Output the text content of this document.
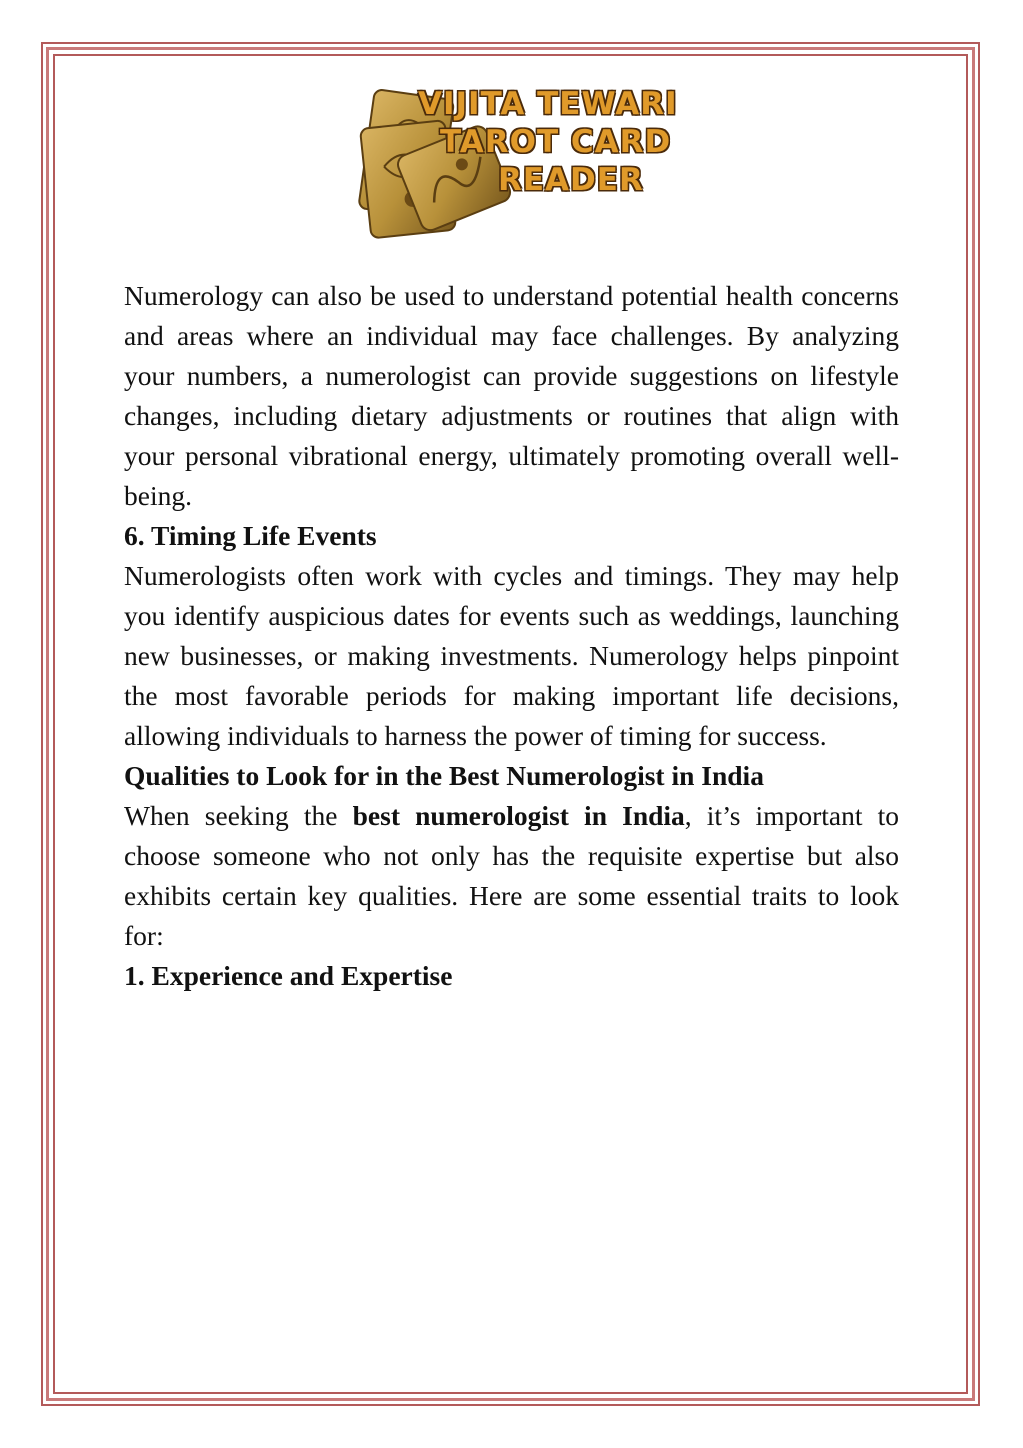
VIJITA TEWARI
TAROT CARD
READER

Numerology can also be used to understand potential health concerns and areas where an individual may face challenges. By analyzing your numbers, a numerologist can provide suggestions on lifestyle changes, including dietary adjustments or routines that align with your personal vibrational energy, ultimately promoting overall well-being.

6. Timing Life Events

Numerologists often work with cycles and timings. They may help you identify auspicious dates for events such as weddings, launching new businesses, or making investments. Numerology helps pinpoint the most favorable periods for making important life decisions, allowing individuals to harness the power of timing for success.

Qualities to Look for in the Best Numerologist in India

When seeking the best numerologist in India, it’s important to choose someone who not only has the requisite expertise but also exhibits certain key qualities. Here are some essential traits to look for:

1. Experience and Expertise
